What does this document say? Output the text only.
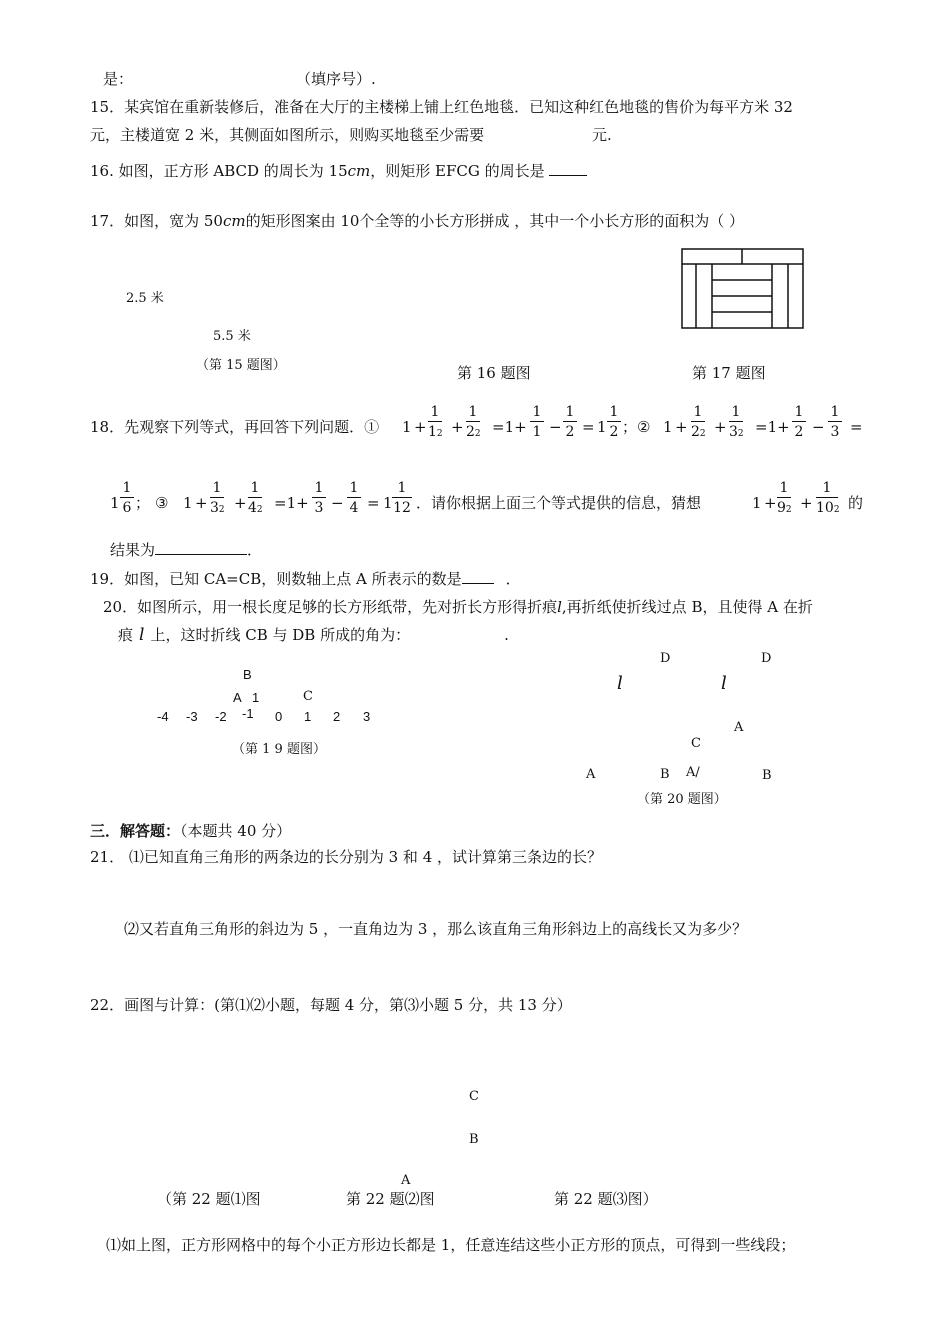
是：	（填序号）.
15．某宾馆在重新装修后，准备在大厅的主楼梯上铺上红色地毯．已知这种红色地毯的售价为每平方米 32
元，主楼道宽 2 米，其侧面如图所示，则购买地毯至少需要	元.
16. 如图，正方形 ABCD 的周长为 15cm，则矩形 EFCG 的周长是
17．如图，宽为 50cm的矩形图案由 10个全等的小长方形拼成 ，其中一个小长方形的面积为（ ）
2.5 米
5.5 米
（第 15 题图）	第 16 题图	第 17 题图
18．先观察下列等式，再回答下列问题．① $1 + \frac{1}{12} + \frac{1}{22} =1+ \frac{1}{1} - \frac{1}{2} = 1 \frac{1}{2}$ ； ② $1 + \frac{1}{22} + \frac{1}{32} =1+ \frac{1}{2} - \frac{1}{3}$ =
$1 \frac{1}{6}$ ； ③ $1 + \frac{1}{32} + \frac{1}{42} =1+ \frac{1}{3} - \frac{1}{4} = 1 \frac{1}{12}$ ．请你根据上面三个等式提供的信息，猜想	$1 + \frac{1}{92} + \frac{1}{102}$ 的
结果为	．
19．如图，已知 CA=CB，则数轴上点 A 所表示的数是	．
20．如图所示，用一根长度足够的长方形纸带，先对折长方形得折痕l,再折纸使折线过点 B，且使得 A 在折
痕 l 上，这时折线 CB 与 DB 所成的角为：	.
B
A 1	C
-4 -3 -2 -1 0 1 2 3
（第 1 9 题图）
D	D
l	l
A
C
A	B A/	B
（第 20 题图）
三．解答题：（本题共 40 分）
21． ⑴已知直角三角形的两条边的长分别为 3 和 4 ，试计算第三条边的长？
⑵又若直角三角形的斜边为 5 ，一直角边为 3 ，那么该直角三角形斜边上的高线长又为多少？
22．画图与计算：(第⑴⑵小题，每题 4 分，第⑶小题 5 分，共 13 分）
C
B
A
（第 22 题⑴图	第 22 题⑵图	第 22 题⑶图）
⑴如上图，正方形网格中的每个小正方形边长都是 1，任意连结这些小正方形的顶点，可得到一些线段；
